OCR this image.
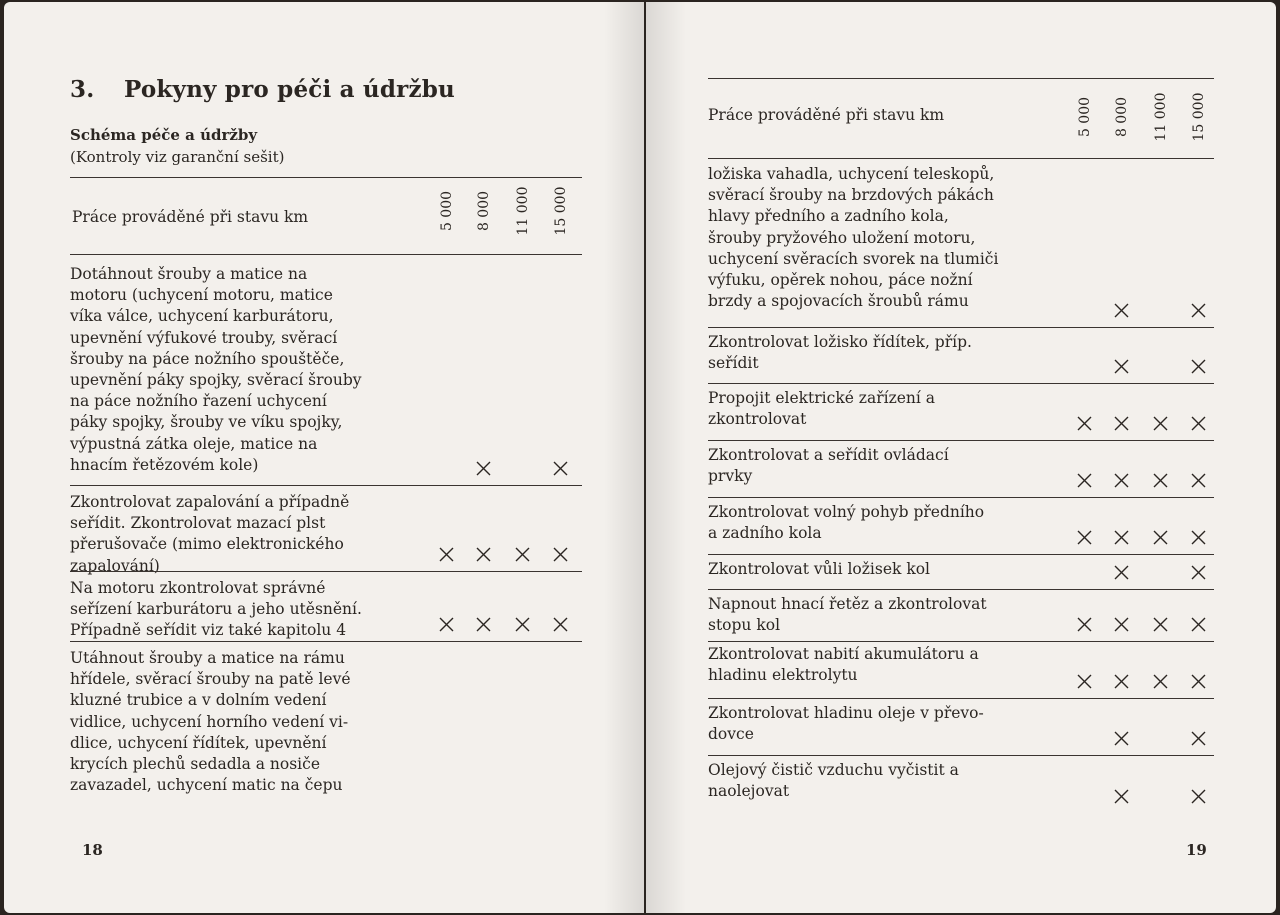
3. Pokyny pro péči a údržbu

Schéma péče a údržby

(Kontroly viz garanční sešit)

Práce prováděné při stavu km	5 000 8 000 11 000 15 000
Dotáhnout šrouby a matice na
motoru (uchycení motoru, matice
víka válce, uchycení karburátoru,
upevnění výfukové trouby, svěrací
šrouby na páce nožního spouštěče,
upevnění páky spojky, svěrací šrouby
na páce nožního řazení uchycení
páky spojky, šrouby ve víku spojky,
výpustná zátka oleje, matice na
hnacím řetězovém kole)
Zkontrolovat zapalování a případně
seřídit. Zkontrolovat mazací plst
přerušovače (mimo elektronického
zapalování)
Na motoru zkontrolovat správné
seřízení karburátoru a jeho utěsnění.
Případně seřídit viz také kapitolu 4
Utáhnout šrouby a matice na rámu
hřídele, svěrací šrouby na patě levé
kluzné trubice a v dolním vedení
vidlice, uchycení horního vedení vi-
dlice, uchycení řídítek, upevnění
krycích plechů sedadla a nosiče
zavazadel, uchycení matic na čepu
18
Práce prováděné při stavu km	5 000 8 000 11 000 15 000
ložiska vahadla, uchycení teleskopů,
svěrací šrouby na brzdových pákách
hlavy předního a zadního kola,
šrouby pryžového uložení motoru,
uchycení svěracích svorek na tlumiči
výfuku, opěrek nohou, páce nožní
brzdy a spojovacích šroubů rámu
Zkontrolovat ložisko řídítek, příp.
seřídit
Propojit elektrické zařízení a
zkontrolovat
Zkontrolovat a seřídit ovládací
prvky
Zkontrolovat volný pohyb předního
a zadního kola
Zkontrolovat vůli ložisek kol
Napnout hnací řetěz a zkontrolovat
stopu kol
Zkontrolovat nabití akumulátoru a
hladinu elektrolytu
Zkontrolovat hladinu oleje v převo-
dovce
Olejový čistič vzduchu vyčistit a
naolejovat
19
